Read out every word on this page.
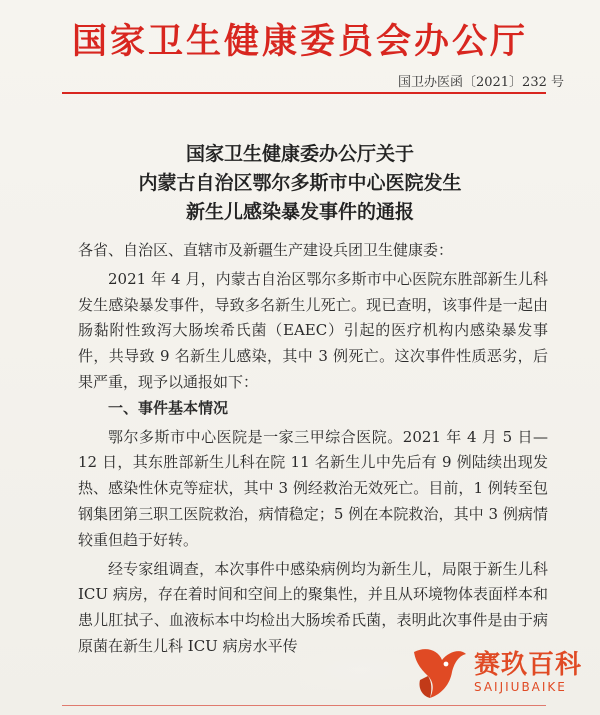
国家卫生健康委员会办公厅
国卫办医函〔2021〕232 号
国家卫生健康委办公厅关于
内蒙古自治区鄂尔多斯市中心医院发生
新生儿感染暴发事件的通报

各省、自治区、直辖市及新疆生产建设兵团卫生健康委：

2021 年 4 月，内蒙古自治区鄂尔多斯市中心医院东胜部新生儿科发生感染暴发事件，导致多名新生儿死亡。现已查明，该事件是一起由肠黏附性致泻大肠埃希氏菌（EAEC）引起的医疗机构内感染暴发事件，共导致 9 名新生儿感染，其中 3 例死亡。这次事件性质恶劣，后果严重，现予以通报如下：

一、事件基本情况

鄂尔多斯市中心医院是一家三甲综合医院。2021 年 4 月 5 日—12 日，其东胜部新生儿科在院 11 名新生儿中先后有 9 例陆续出现发热、感染性休克等症状，其中 3 例经救治无效死亡。目前，1 例转至包钢集团第三职工医院救治，病情稳定；5 例在本院救治，其中 3 例病情较重但趋于好转。

经专家组调查，本次事件中感染病例均为新生儿，局限于新生儿科 ICU 病房，存在着时间和空间上的聚集性，并且从环境物体表面样本和患儿肛拭子、血液标本中均检出大肠埃希氏菌，表明此次事件是由于病原菌在新生儿科 ICU 病房水平传

赛玖百科
SAIJIUBAIKE
